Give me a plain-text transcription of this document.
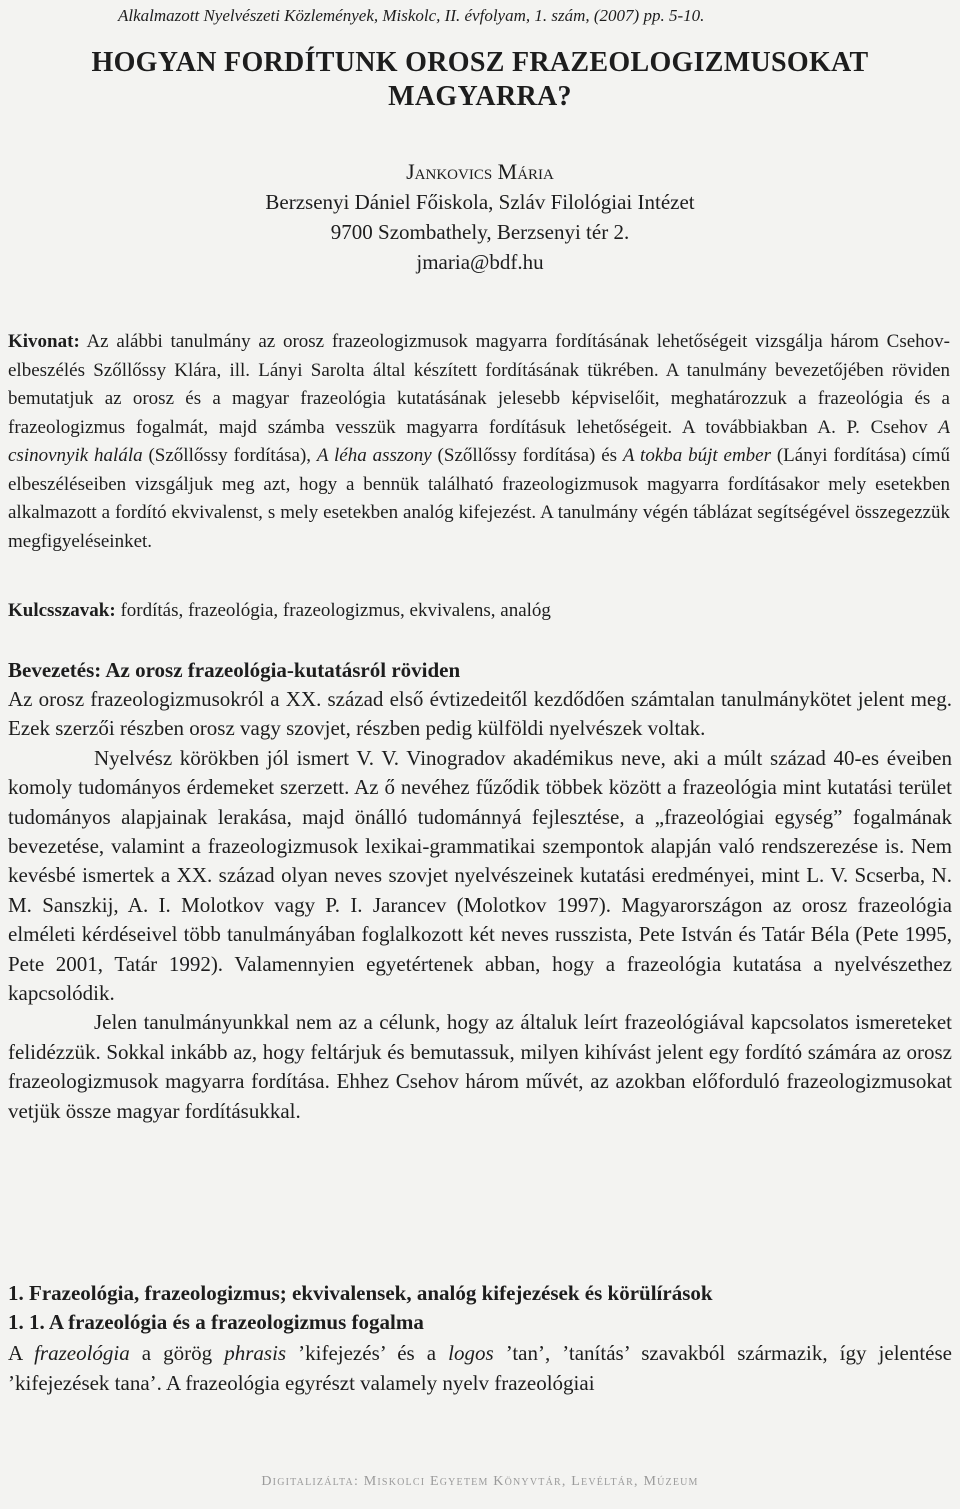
Alkalmazott Nyelvészeti Közlemények, Miskolc, II. évfolyam, 1. szám, (2007) pp. 5-10.
HOGYAN FORDÍTUNK OROSZ FRAZEOLOGIZMUSOKAT
MAGYARRA?
Jankovics Mária
Berzsenyi Dániel Főiskola, Szláv Filológiai Intézet
9700 Szombathely, Berzsenyi tér 2.
jmaria@bdf.hu
Kivonat: Az alábbi tanulmány az orosz frazeologizmusok magyarra fordításának lehetőségeit vizsgálja három Csehov-elbeszélés Szőllőssy Klára, ill. Lányi Sarolta által készített fordításának tükrében. A tanulmány bevezetőjében röviden bemutatjuk az orosz és a magyar frazeológia kutatásának jelesebb képviselőit, meghatározzuk a frazeológia és a frazeologizmus fogalmát, majd számba vesszük magyarra fordításuk lehetőségeit. A továbbiakban A. P. Csehov A csinovnyik halála (Szőllőssy fordítása), A léha asszony (Szőllőssy fordítása) és A tokba bújt ember (Lányi fordítása) című elbeszéléseiben vizsgáljuk meg azt, hogy a bennük található frazeologizmusok magyarra fordításakor mely esetekben alkalmazott a fordító ekvivalenst, s mely esetekben analóg kifejezést. A tanulmány végén táblázat segítségével összegezzük megfigyeléseinket.
Kulcsszavak: fordítás, frazeológia, frazeologizmus, ekvivalens, analóg
Bevezetés: Az orosz frazeológia-kutatásról röviden

Az orosz frazeologizmusokról a XX. század első évtizedeitől kezdődően számtalan tanulmánykötet jelent meg. Ezek szerzői részben orosz vagy szovjet, részben pedig külföldi nyelvészek voltak.

Nyelvész körökben jól ismert V. V. Vinogradov akadémikus neve, aki a múlt század 40-es éveiben komoly tudományos érdemeket szerzett. Az ő nevéhez fűződik többek között a frazeológia mint kutatási terület tudományos alapjainak lerakása, majd önálló tudománnyá fejlesztése, a „frazeológiai egység” fogalmának bevezetése, valamint a frazeologizmusok lexikai-grammatikai szempontok alapján való rendszerezése is. Nem kevésbé ismertek a XX. század olyan neves szovjet nyelvészeinek kutatási eredményei, mint L. V. Scserba, N. M. Sanszkij, A. I. Molotkov vagy P. I. Jarancev (Molotkov 1997). Magyarországon az orosz frazeológia elméleti kérdéseivel több tanulmányában foglalkozott két neves russzista, Pete István és Tatár Béla (Pete 1995, Pete 2001, Tatár 1992). Valamennyien egyetértenek abban, hogy a frazeológia kutatása a nyelvészethez kapcsolódik.

Jelen tanulmányunkkal nem az a célunk, hogy az általuk leírt frazeológiával kapcsolatos ismereteket felidézzük. Sokkal inkább az, hogy feltárjuk és bemutassuk, milyen kihívást jelent egy fordító számára az orosz frazeologizmusok magyarra fordítása. Ehhez Csehov három művét, az azokban előforduló frazeologizmusokat vetjük össze magyar fordításukkal.

1. Frazeológia, frazeologizmus; ekvivalensek, analóg kifejezések és körülírások
1. 1. A frazeológia és a frazeologizmus fogalma

A frazeológia a görög phrasis ’kifejezés’ és a logos ’tan’, ’tanítás’ szavakból származik, így jelentése ’kifejezések tana’. A frazeológia egyrészt valamely nyelv frazeológiai

Digitalizálta: Miskolci Egyetem Könyvtár, Levéltár, Múzeum
